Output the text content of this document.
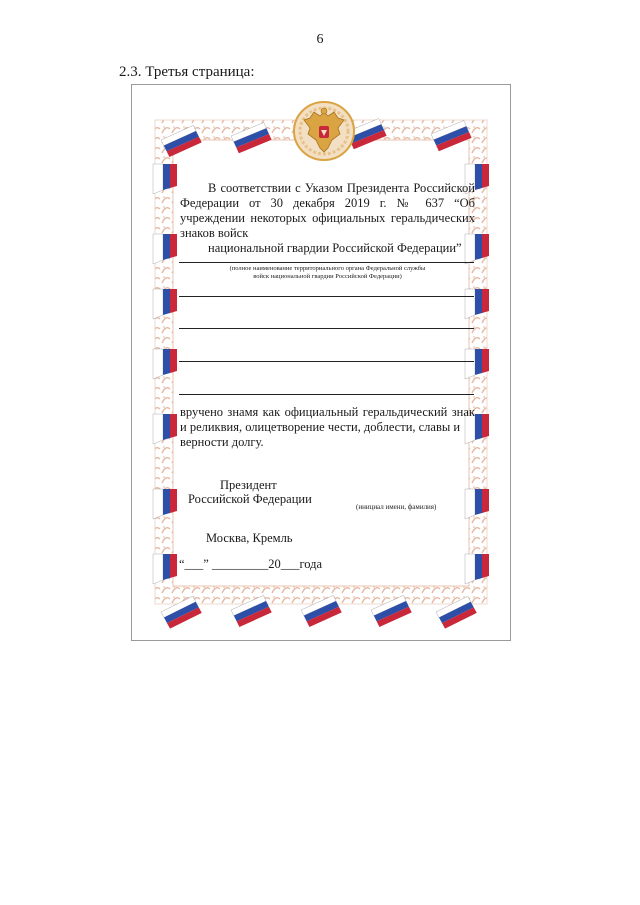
6
2.3. Третья страница:
В соответствии с Указом Президента Российской Федерации от 30 декабря 2019 г. № 637 “Об учреждении некоторых официальных геральдических знаков войск
национальной гвардии Российской Федерации”
(полное наименование территориального органа Федеральной службы
войск национальной гвардии Российской Федерации)
вручено знамя как официальный геральдический знак и реликвия, олицетворение чести, доблести, славы и
верности долгу.
Президент
Российской Федерации
(инициал имени, фамилия)
Москва, Кремль
“___” _________20___года
